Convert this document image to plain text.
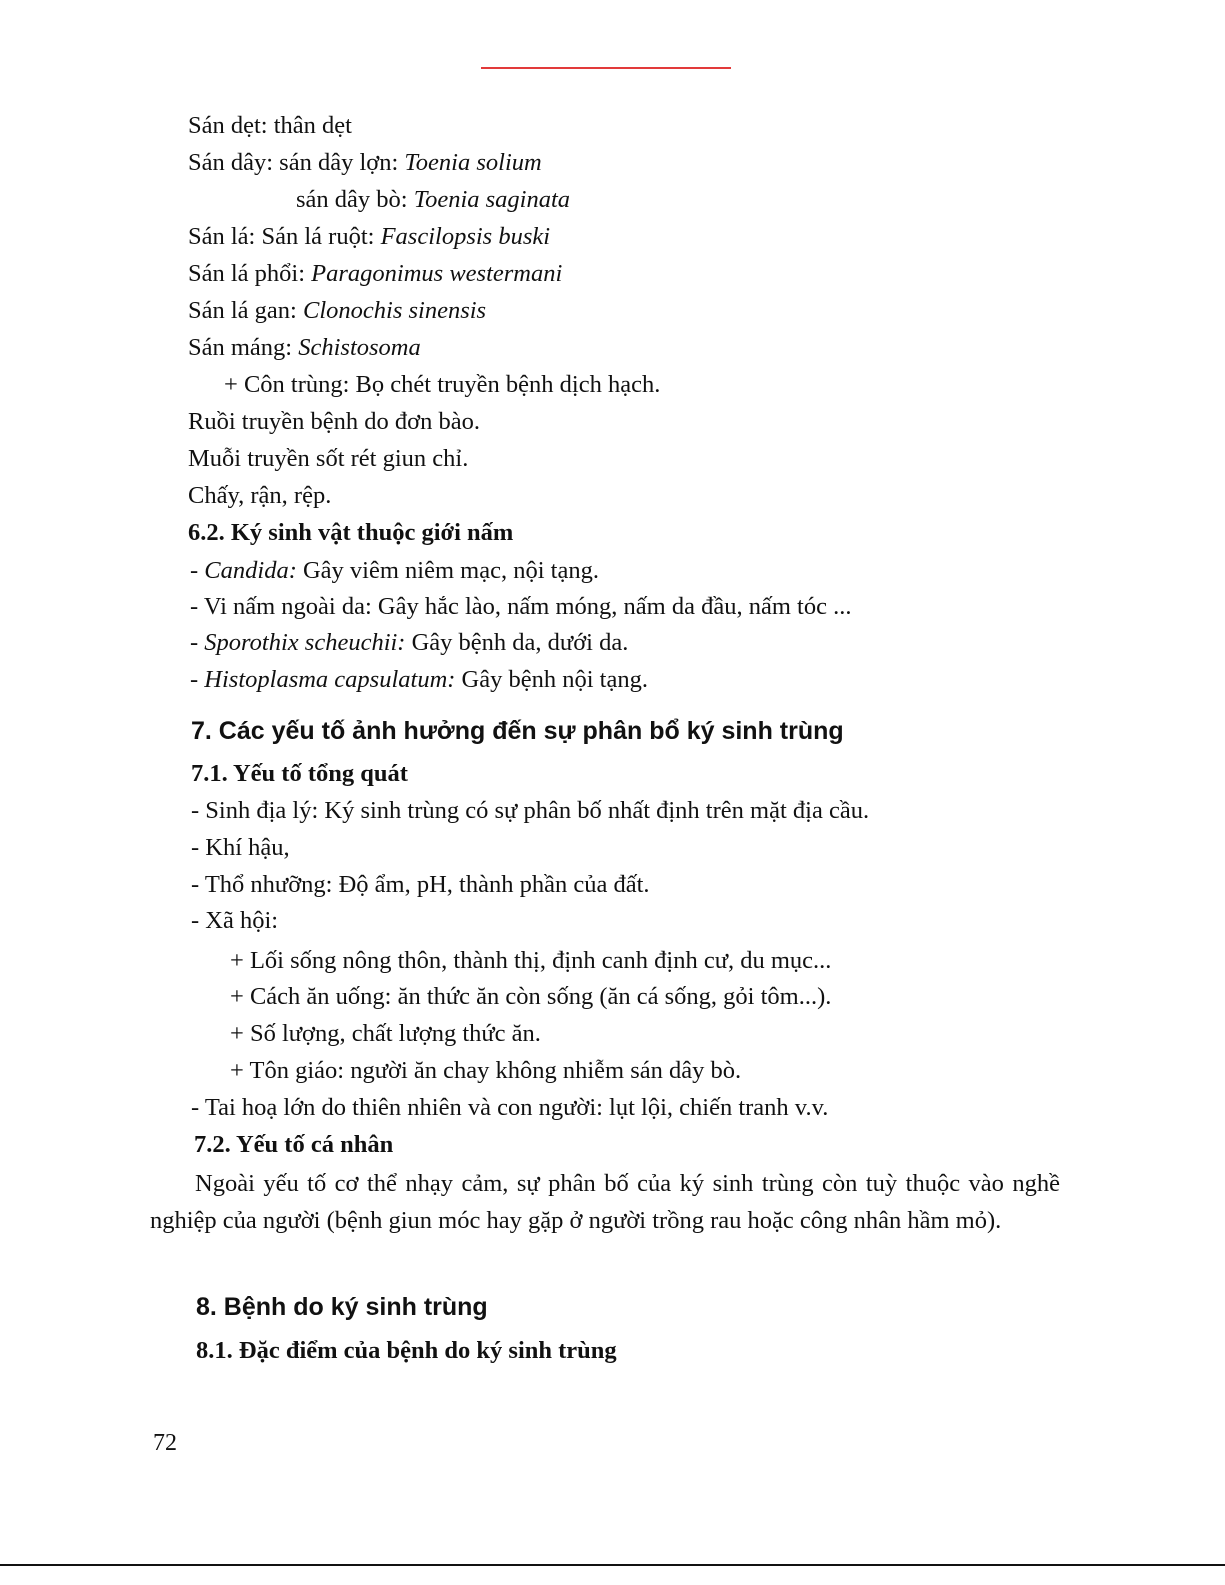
Sán dẹt: thân dẹt
Sán dây: sán dây lợn: Toenia solium
sán dây bò: Toenia saginata
Sán lá: Sán lá ruột: Fascilopsis buski
Sán lá phổi: Paragonimus westermani
Sán lá gan: Clonochis sinensis
Sán máng: Schistosoma
+ Côn trùng: Bọ chét truyền bệnh dịch hạch.
Ruồi truyền bệnh do đơn bào.
Muỗi truyền sốt rét giun chỉ.
Chấy, rận, rệp.
6.2. Ký sinh vật thuộc giới nấm
- Candida: Gây viêm niêm mạc, nội tạng.
- Vi nấm ngoài da: Gây hắc lào, nấm móng, nấm da đầu, nấm tóc ...
- Sporothix scheuchii: Gây bệnh da, dưới da.
- Histoplasma capsulatum: Gây bệnh nội tạng.
7. Các yếu tố ảnh hưởng đến sự phân bổ ký sinh trùng
7.1. Yếu tố tổng quát
- Sinh địa lý: Ký sinh trùng có sự phân bố nhất định trên mặt địa cầu.
- Khí hậu,
- Thổ nhưỡng: Độ ẩm, pH, thành phần của đất.
- Xã hội:
+ Lối sống nông thôn, thành thị, định canh định cư, du mục...
+ Cách ăn uống: ăn thức ăn còn sống (ăn cá sống, gỏi tôm...).
+ Số lượng, chất lượng thức ăn.
+ Tôn giáo: người ăn chay không nhiễm sán dây bò.
- Tai hoạ lớn do thiên nhiên và con người: lụt lội, chiến tranh v.v.
7.2. Yếu tố cá nhân
Ngoài yếu tố cơ thể nhạy cảm, sự phân bố của ký sinh trùng còn tuỳ thuộc vào nghề nghiệp của người (bệnh giun móc hay gặp ở người trồng rau hoặc công nhân hầm mỏ).
8. Bệnh do ký sinh trùng
8.1. Đặc điểm của bệnh do ký sinh trùng
72
